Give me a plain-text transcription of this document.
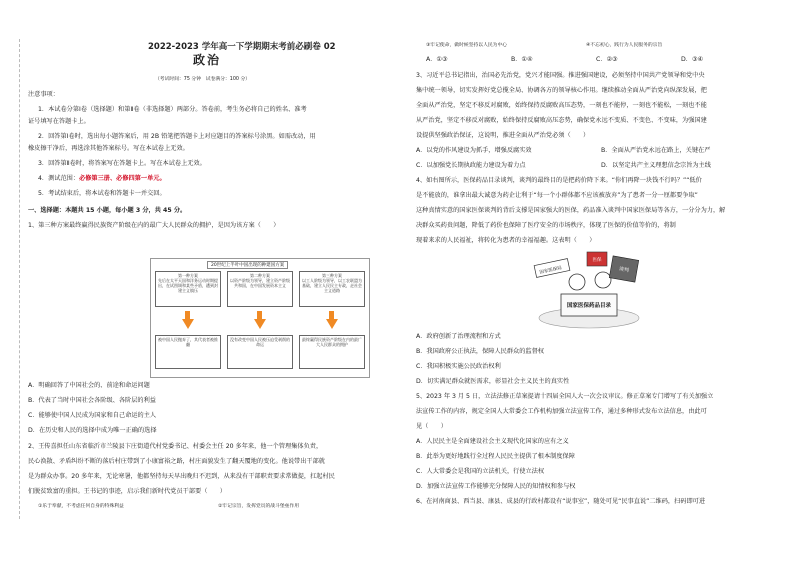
2022-2023 学年高一下学期期末考前必刷卷 02
政治
（考试时间：75 分钟　试卷满分：100 分）
注意事项：
1．本试卷分第Ⅰ卷（选择题）和第Ⅱ卷（非选择题）两部分。答卷前，考生务必将自己的姓名、准考
证号填写在答题卡上。
2．回答第Ⅰ卷时，选出每小题答案后，用 2B 铅笔把答题卡上对应题目的答案标号涂黑。如需改动，用
橡皮擦干净后，再选涂其他答案标号。写在本试卷上无效。
3．回答第Ⅱ卷时，将答案写在答题卡上。写在本试卷上无效。
4．测试范围：必修第三册、必修四第一单元。
5．考试结束后，将本试卷和答题卡一并交回。
一、选择题：本题共 15 小题，每小题 3 分，共 45 分。
1、第三种方案最终赢得民族资产阶级在内的最广大人民群众的拥护，是因为该方案（　　）
20世纪上半叶中国出现的种建国方案
第一种方案
先后在太平天国和洋务运动时期提出，在试图调和某些矛盾，遭到封建主义镇压
第二种方案
以资产阶级为领导，建立资产阶级共和国，在中国发展资本主义
第三种方案
以工人阶级为领导，以工农联盟为基础，建立人民民主专政，走社会主义道路
被中国人民抛弃了，其代表者被推翻
没有改变中国人民被压迫受剥削的命运
最终赢得民族资产阶级在内的最广大人民群众的拥护
A．明确回答了中国社会的、前途和命运问题
B．代表了当时中国社会各阶级、各阶层的利益
C．能够使中国人民成为国家和自己命运的主人
D．在历史和人民的选择中成为唯一正确的选择
2、王传喜担任山东省临沂市兰陵县卞庄街道代村党委书记、村委会主任 20 多年来，他一个管理集体负责，
民心涣散、矛盾纠纷不断的落后村庄带到了小康富裕之路，村庄面貌发生了翻天覆地的变化。他说带出干部就
是为群众办事。20 多年来，无论寒暑，他都坚持每天早出晚归不迟到，从来没有干部职责要求常做提，扛起村民
们脱贫致富的重担。王书记的事迹，启示我们新时代党员干部要（　　）
①乐于奉献，不考虑任何自身的特殊利益	②牢记宗旨，发挥党员的战斗堡垒作用
③牢记使命，做时候坚持以人民为中心	④不忘初心，践行为人民服务的宗旨
A．①③	B．①④	C．②③	D．③④
3、习近平总书记指出，治国必先治党，党兴才能国强。推进强国建设，必须坚持中国共产党领导和党中央
集中统一领导，切实发挥好党总揽全局、协调各方的领导核心作用。继续推动全面从严治党向纵深发展，把
全面从严治党，坚定不移反对腐败，始终保持反腐败高压态势，一刻也不能停，一刻也不能松，一刻也不能
从严治党，坚定不移反对腐败，始终保持反腐败高压态势，确保党永远不变质、不变色、不变味，为强国建
设提供坚强政治保证，这说明，推进全面从严治党必须（　　）
A．以党的作风建设为抓手，增强反腐实效	B．全面从严治党永远在路上，关键在严
C．以加强党长期执政能力建设为着力点	D．以坚定共产主义理想信念宗旨为主线
4、如右图所示，医保药品目录谈判，谈判的最终目的是把药价降下来。“你们再降一块钱不行吗？”“低价
是不能放的，谁拿出最大诚意为药企让利于“每一个小群体都不应该被放弃”为了患者一分一厘都要争取”
这种真情实意的国家医保谈判的背后支撑是国家强大的医保，药品准入谈判中国家医保局等各方，一分分为力，解
决群众买药贵问题，降低了药价也保障了医疗安全的市场秩序，体现了医保的价值等价的，将制
现着来求的人民福祉，将转化为患者的幸福福趣。这表明（　　）
国家医保药品目录
国家医保局
医保
谈判
A．政府创新了治理流程和方式
B．我国政府公正执法，保障人民群众的监督权
C．我国积极实施公民政治权利
D．切实满足群众就医需求，彰显社会主义民主的真实性
5、2023 年 3 月 5 日，立法法修正草案提请十四届全国人大一次会议审议。修正草案专门增写了有关加强立
法宣传工作的内容，规定全国人大常委会工作机构加强立法宣传工作，通过多种形式发布立法信息，由此可
见（　　）
A．人民民主是全面建设社会主义现代化国家的应有之义
B．此举为更好地践行全过程人民民主提供了根本制度保障
C．人大常委会是我国的立法机关，行使立法权
D．加强立法宣传工作能够充分保障人民的知情权和参与权
6、在河南商县、西当县、康县、成县的行政村都设有“说事室”，随处可见“民事直说”二维码，扫码即可进
